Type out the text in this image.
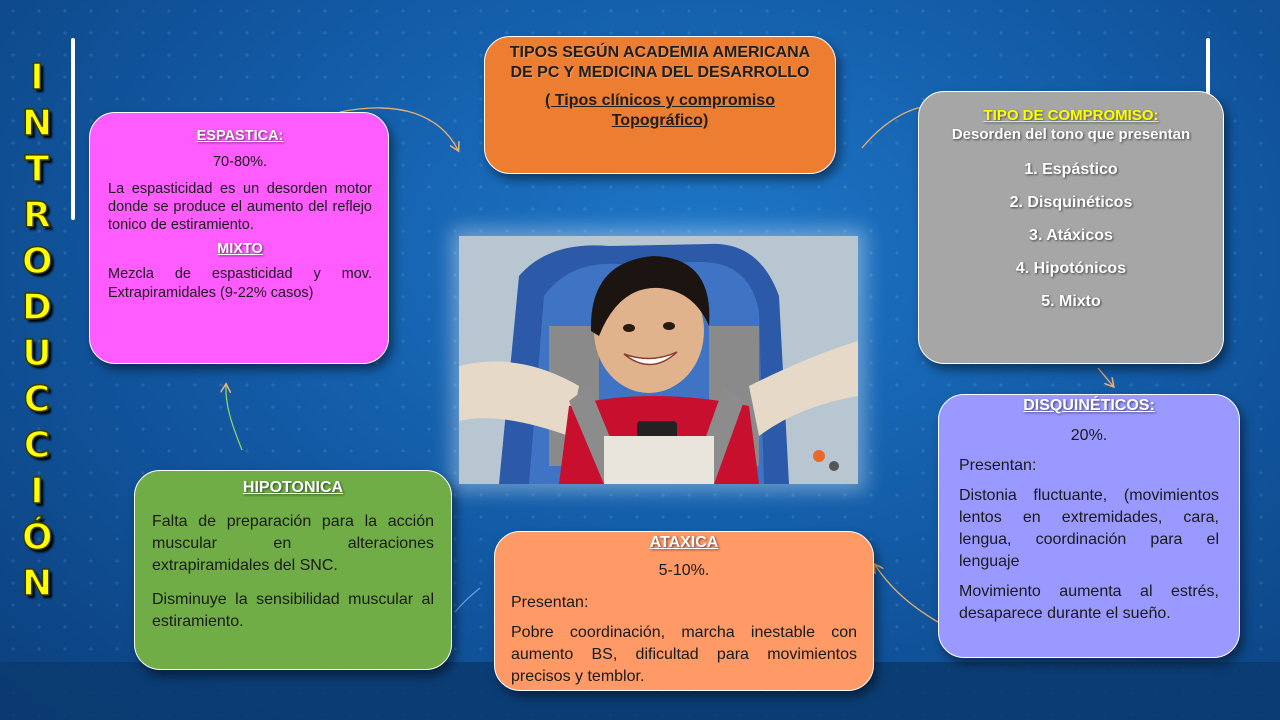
I
N
T
R
O
D
U
C
C
I
Ó
N

TIPOS SEGÚN ACADEMIA AMERICANA DE PC Y MEDICINA DEL DESARROLLO

( Tipos clínicos y compromiso Topográfico)

ESPASTICA:

70-80%.

La espasticidad es un desorden motor donde se produce el aumento del reflejo tonico de estiramiento.

MIXTO

Mezcla de espasticidad y mov. Extrapiramidales (9-22% casos)

TIPO DE COMPROMISO:

Desorden del tono que presentan

1. Espástico

2. Disquinéticos

3. Atáxicos

4. Hipotónicos

5. Mixto

DISQUINÉTICOS:

20%.

Presentan:

Distonia fluctuante, (movimientos lentos en extremidades, cara, lengua, coordinación para el lenguaje

Movimiento aumenta al estrés, desaparece durante el sueño.

HIPOTONICA

Falta de preparación para la acción muscular en alteraciones extrapiramidales del SNC.

Disminuye la sensibilidad muscular al estiramiento.

ATAXICA

5-10%.

Presentan:

Pobre coordinación, marcha inestable con aumento BS, dificultad para movimientos precisos y temblor.
